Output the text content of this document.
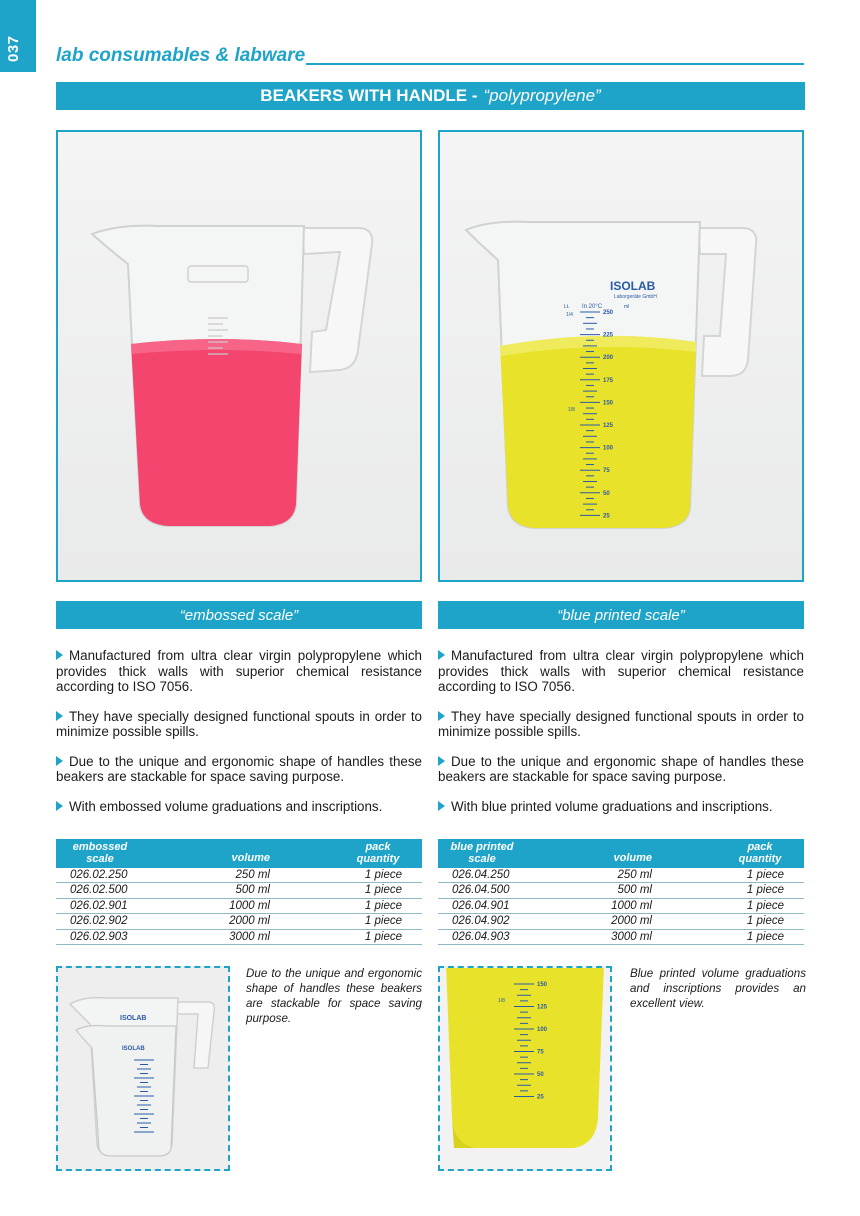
037 lab consumables & labware
BEAKERS WITH HANDLE - “polypropylene”
ISOLAB
Laborgeräte GmbH
Lt. In 20°C	ml
1/4
1/8
250
225
200
175
150
125
100
75
50
25
“embossed scale”	“blue printed scale”
Manufactured from ultra clear virgin polypropylene which provides thick walls with superior chemical resistance according to ISO 7056.
They have specially designed functional spouts in order to minimize possible spills.
Due to the unique and ergonomic shape of handles these beakers are stackable for space saving purpose.
With embossed volume graduations and inscriptions.
Manufactured from ultra clear virgin polypropylene which provides thick walls with superior chemical resistance according to ISO 7056.
They have specially designed functional spouts in order to minimize possible spills.
Due to the unique and ergonomic shape of handles these beakers are stackable for space saving purpose.
With blue printed volume graduations and inscriptions.
embossed
scale	volume
pack
quantity
026.02.250	250 ml	1 piece
026.02.500	500 ml	1 piece
026.02.901	1000 ml	1 piece
026.02.902	2000 ml	1 piece
026.02.903	3000 ml	1 piece
blue printed
scale	volume
pack
quantity
026.04.250	250 ml	1 piece
026.04.500	500 ml	1 piece
026.04.901	1000 ml	1 piece
026.04.902	2000 ml	1 piece
026.04.903	3000 ml	1 piece
ISOLAB
ISOLAB
Due to the unique and ergonomic shape of handles these beakers are stackable for space saving purpose.
1/8
150
125
100
75
50
25
Blue printed volume graduations and inscriptions provides an excellent view.
